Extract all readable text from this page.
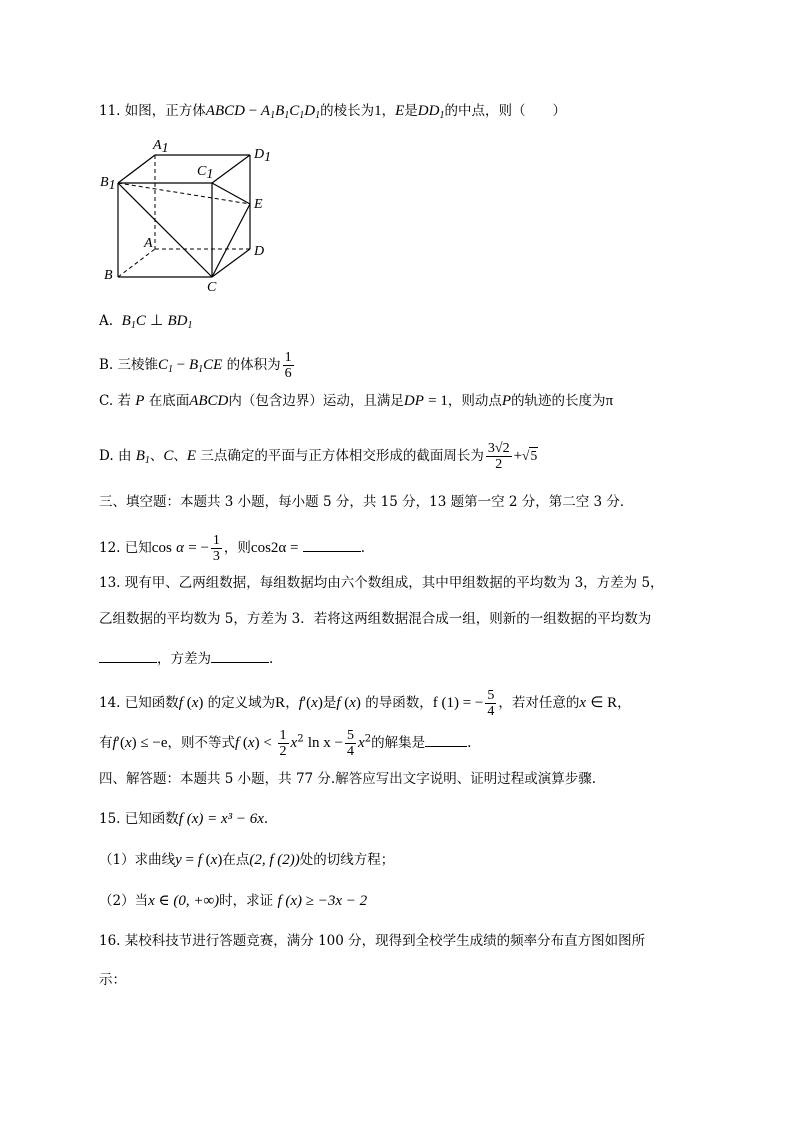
11. 如图，正方体ABCD − $A_1B_1C_1D_1$的棱长为1，E是$DD_1$的中点，则（　　）
A1	D1
C1
B1
E
A
D
B
C
A. $B_1C$ ⊥ $BD_1$
B. 三棱锥$C_1 - B_1CE$ 的体积为 $\frac{1}{6}$
C. 若 P 在底面ABCD内（包含边界）运动，且满足DP = 1，则动点P的轨迹的长度为π
D. 由 $B_1$、C、E 三点确定的平面与正方体相交形成的截面周长为 $\frac{3√2}{2} +√5$
三、填空题：本题共 3 小题，每小题 5 分，共 15 分，13 题第一空 2 分，第二空 3 分．
12. 已知cos α = − $\frac{1}{3}$ ，则cos2α =	.
13. 现有甲、乙两组数据，每组数据均由六个数组成，其中甲组数据的平均数为 3，方差为 5，
乙组数据的平均数为 5，方差为 3．若将这两组数据混合成一组，则新的一组数据的平均数为
，方差为	.
14. 已知函数f (x) 的定义域为R，f′(x)是f (x) 的导函数，f (1) = − $\frac{5}{4}$ ，若对任意的x ∈ R，
有f′(x) ≤ −e，则不等式f $(x) < \frac{1}{2} x^2$ $\ln x - \frac{5}{4} x^2$的解集是	.
四、解答题：本题共 5 小题，共 77 分.解答应写出文字说明、证明过程或演算步骤.
15. 已知函数f (x) = x³ − 6x.
（1）求曲线y = f (x)在点(2, f (2))处的切线方程；
（2）当x ∈ (0, +∞)时，求证 f (x) ≥ −3x − 2
16. 某校科技节进行答题竞赛，满分 100 分，现得到全校学生成绩的频率分布直方图如图所
示：
